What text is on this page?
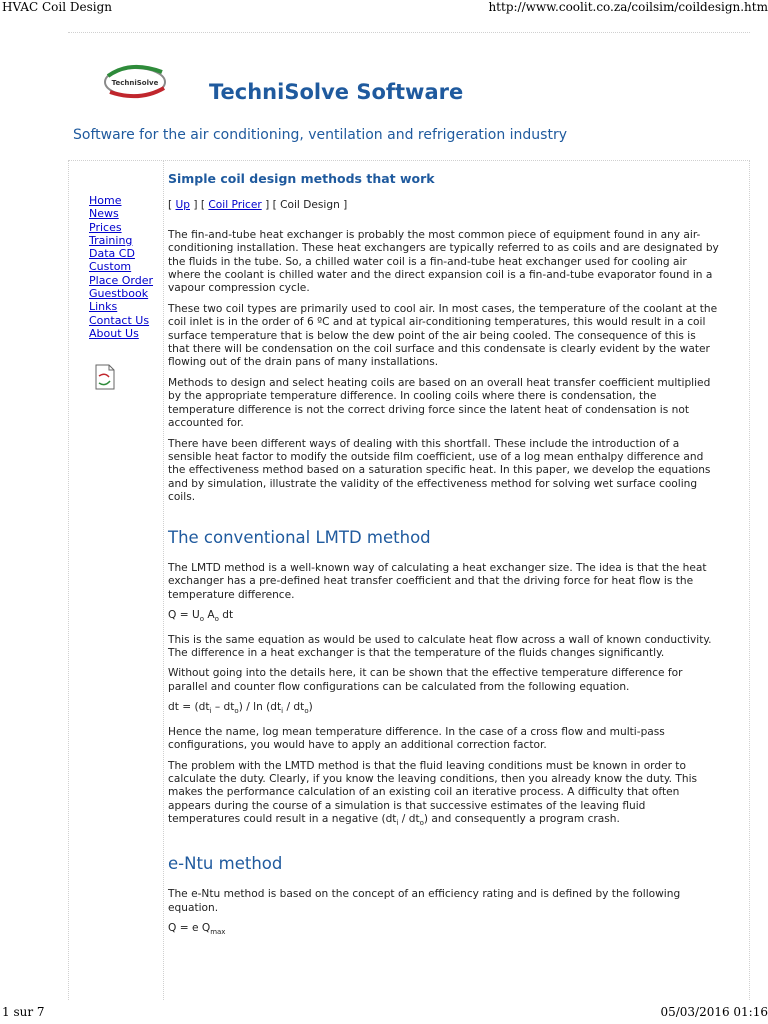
HVAC Coil Design	http://www.coolit.co.za/coilsim/coildesign.htm
TechniSolve TechniSolve Software
Software for the air conditioning, ventilation and refrigeration industry
Home
News
Prices
Training
Data CD
Custom
Place Order
Guestbook
Links
Contact Us
About Us
Simple coil design methods that work
[ Up ] [ Coil Pricer ] [ Coil Design ]

The fin-and-tube heat exchanger is probably the most common piece of equipment found in any air-conditioning installation. These heat exchangers are typically referred to as coils and are designated by the fluids in the tube. So, a chilled water coil is a fin-and-tube heat exchanger used for cooling air where the coolant is chilled water and the direct expansion coil is a fin-and-tube evaporator found in a vapour compression cycle.

These two coil types are primarily used to cool air. In most cases, the temperature of the coolant at the coil inlet is in the order of 6 ºC and at typical air-conditioning temperatures, this would result in a coil surface temperature that is below the dew point of the air being cooled. The consequence of this is that there will be condensation on the coil surface and this condensate is clearly evident by the water flowing out of the drain pans of many installations.

Methods to design and select heating coils are based on an overall heat transfer coefficient multiplied by the appropriate temperature difference. In cooling coils where there is condensation, the temperature difference is not the correct driving force since the latent heat of condensation is not accounted for.

There have been different ways of dealing with this shortfall. These include the introduction of a sensible heat factor to modify the outside film coefficient, use of a log mean enthalpy difference and the effectiveness method based on a saturation specific heat. In this paper, we develop the equations and by simulation, illustrate the validity of the effectiveness method for solving wet surface cooling coils.

The conventional LMTD method

The LMTD method is a well-known way of calculating a heat exchanger size. The idea is that the heat exchanger has a pre-defined heat transfer coefficient and that the driving force for heat flow is the temperature difference.

$Q = U_o$ $A_o$ dt

This is the same equation as would be used to calculate heat flow across a wall of known conductivity. The difference in a heat exchanger is that the temperature of the fluids changes significantly.

Without going into the details here, it can be shown that the effective temperature difference for parallel and counter flow configurations can be calculated from the following equation.

dt = $(dt_i - dt_o)$ / $\ln (dt_i / dt_o)$

Hence the name, log mean temperature difference. In the case of a cross flow and multi-pass configurations, you would have to apply an additional correction factor.

The problem with the LMTD method is that the fluid leaving conditions must be known in order to calculate the duty. Clearly, if you know the leaving conditions, then you already know the duty. This makes the performance calculation of an existing coil an iterative process. A difficulty that often appears during the course of a simulation is that successive estimates of the leaving fluid temperatures could result in a negative $(dt_i / dt_o)$ and consequently a program crash.

e-Ntu method

The e-Ntu method is based on the concept of an efficiency rating and is defined by the following equation.

Q = e $Q_{max}$

1 sur 7	05/03/2016 01:16
